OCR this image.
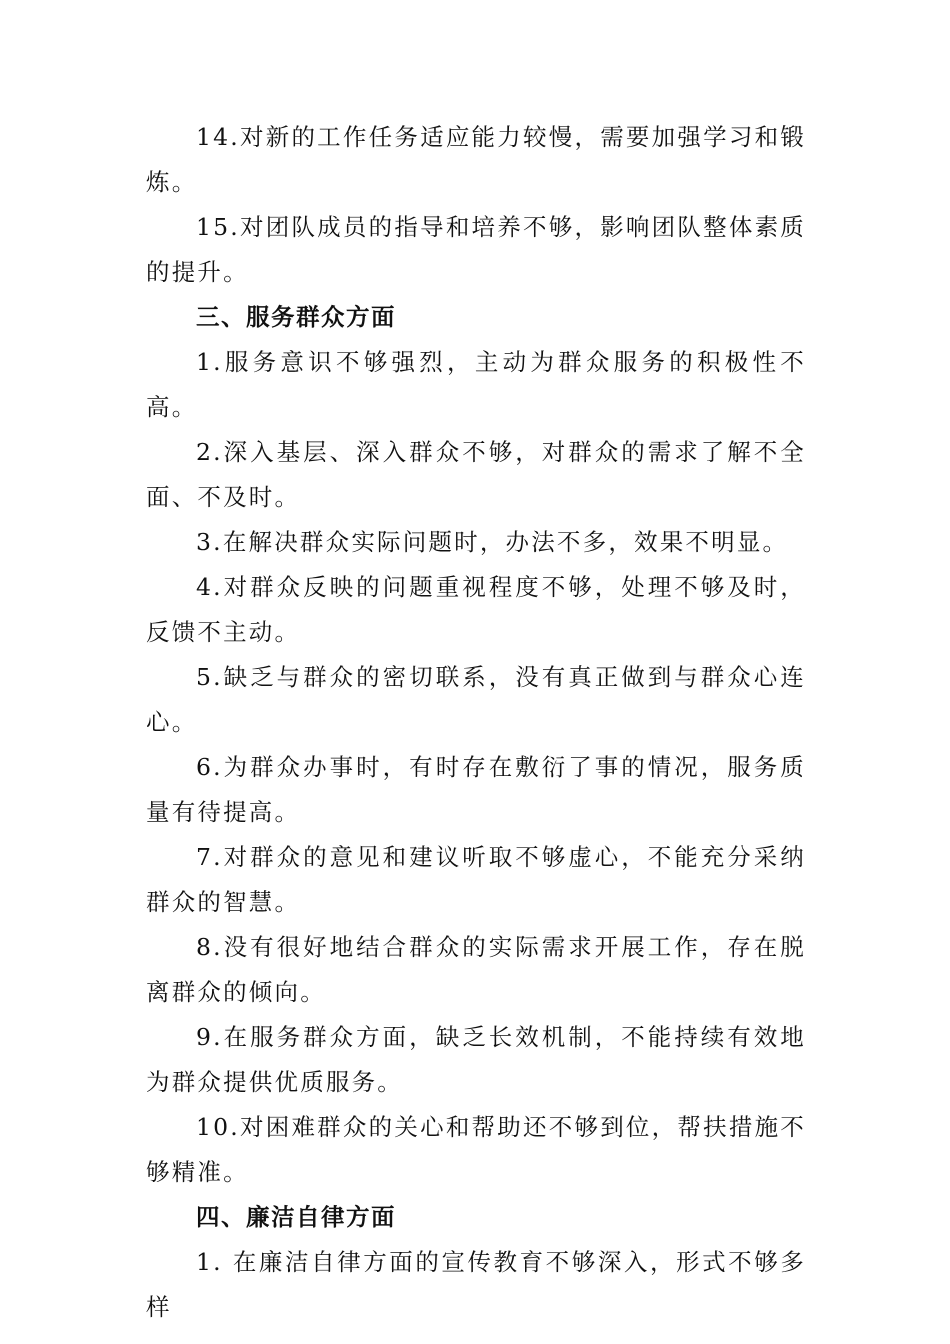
14.对新的工作任务适应能力较慢，需要加强学习和锻炼。

15.对团队成员的指导和培养不够，影响团队整体素质的提升。

三、服务群众方面

1.服务意识不够强烈，主动为群众服务的积极性不高。

2.深入基层、深入群众不够，对群众的需求了解不全面、不及时。

3.在解决群众实际问题时，办法不多，效果不明显。

4.对群众反映的问题重视程度不够，处理不够及时，反馈不主动。

5.缺乏与群众的密切联系，没有真正做到与群众心连心。

6.为群众办事时，有时存在敷衍了事的情况，服务质量有待提高。

7.对群众的意见和建议听取不够虚心，不能充分采纳群众的智慧。

8.没有很好地结合群众的实际需求开展工作，存在脱离群众的倾向。

9.在服务群众方面，缺乏长效机制，不能持续有效地为群众提供优质服务。

10.对困难群众的关心和帮助还不够到位，帮扶措施不够精准。

四、廉洁自律方面

1. 在廉洁自律方面的宣传教育不够深入，形式不够多样
